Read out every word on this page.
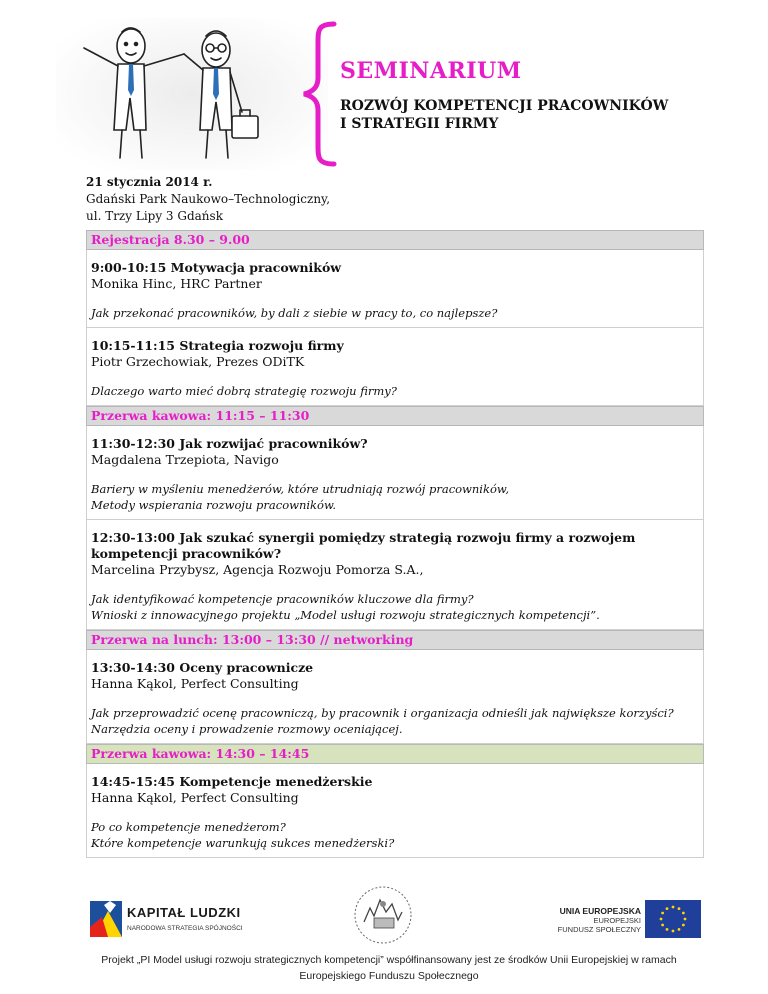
SEMINARIUM
ROZWÓJ KOMPETENCJI PRACOWNIKÓW
I STRATEGII FIRMY
21 stycznia 2014 r.
Gdański Park Naukowo–Technologiczny,
ul. Trzy Lipy 3 Gdańsk
Rejestracja 8.30 – 9.00
9:00-10:15 Motywacja pracowników
Monika Hinc, HRC Partner
Jak przekonać pracowników, by dali z siebie w pracy to, co najlepsze?
10:15-11:15 Strategia rozwoju firmy
Piotr Grzechowiak, Prezes ODiTK
Dlaczego warto mieć dobrą strategię rozwoju firmy?
Przerwa kawowa: 11:15 – 11:30
11:30-12:30 Jak rozwijać pracowników?
Magdalena Trzepiota, Navigo
Bariery w myśleniu menedżerów, które utrudniają rozwój pracowników,
Metody wspierania rozwoju pracowników.
12:30-13:00 Jak szukać synergii pomiędzy strategią rozwoju firmy a rozwojem kompetencji pracowników?
Marcelina Przybysz, Agencja Rozwoju Pomorza S.A.,
Jak identyfikować kompetencje pracowników kluczowe dla firmy?
Wnioski z innowacyjnego projektu „Model usługi rozwoju strategicznych kompetencji”.
Przerwa na lunch: 13:00 – 13:30 // networking
13:30-14:30 Oceny pracownicze
Hanna Kąkol, Perfect Consulting
Jak przeprowadzić ocenę pracowniczą, by pracownik i organizacja odnieśli jak największe korzyści?
Narzędzia oceny i prowadzenie rozmowy oceniającej.
Przerwa kawowa: 14:30 – 14:45
14:45-15:45 Kompetencje menedżerskie
Hanna Kąkol, Perfect Consulting
Po co kompetencje menedżerom?
Które kompetencje warunkują sukces menedżerski?
KAPITAŁ LUDZKI
NARODOWA STRATEGIA SPÓJNOŚCI
UNIA EUROPEJSKA
EUROPEJSKI
FUNDUSZ SPOŁECZNY
Projekt „PI Model usługi rozwoju strategicznych kompetencji” współfinansowany jest ze środków Unii Europejskiej w ramach
Europejskiego Funduszu Społecznego
